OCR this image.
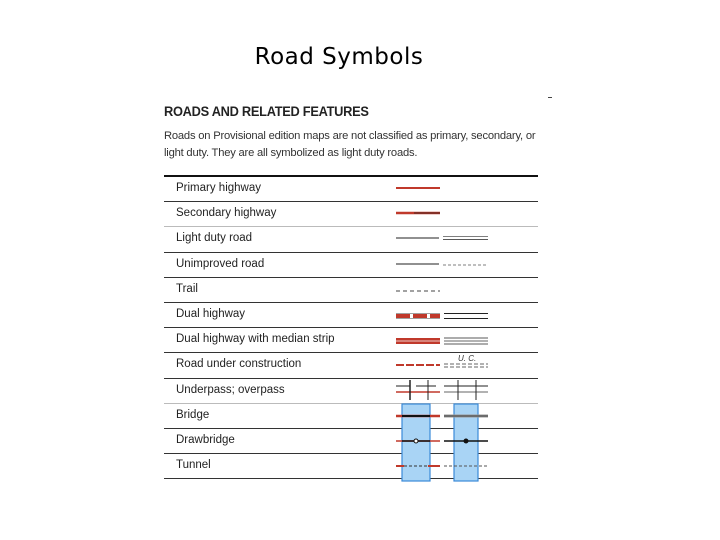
Road Symbols
ROADS AND RELATED FEATURES
Roads on Provisional edition maps are not classified as primary, secondary, or light duty. They are all symbolized as light duty roads.
Primary highway
Secondary highway
Light duty road
Unimproved road
Trail
Dual highway
Dual highway with median strip
Road under construction
Underpass; overpass
Bridge
Drawbridge
Tunnel
U. C.
